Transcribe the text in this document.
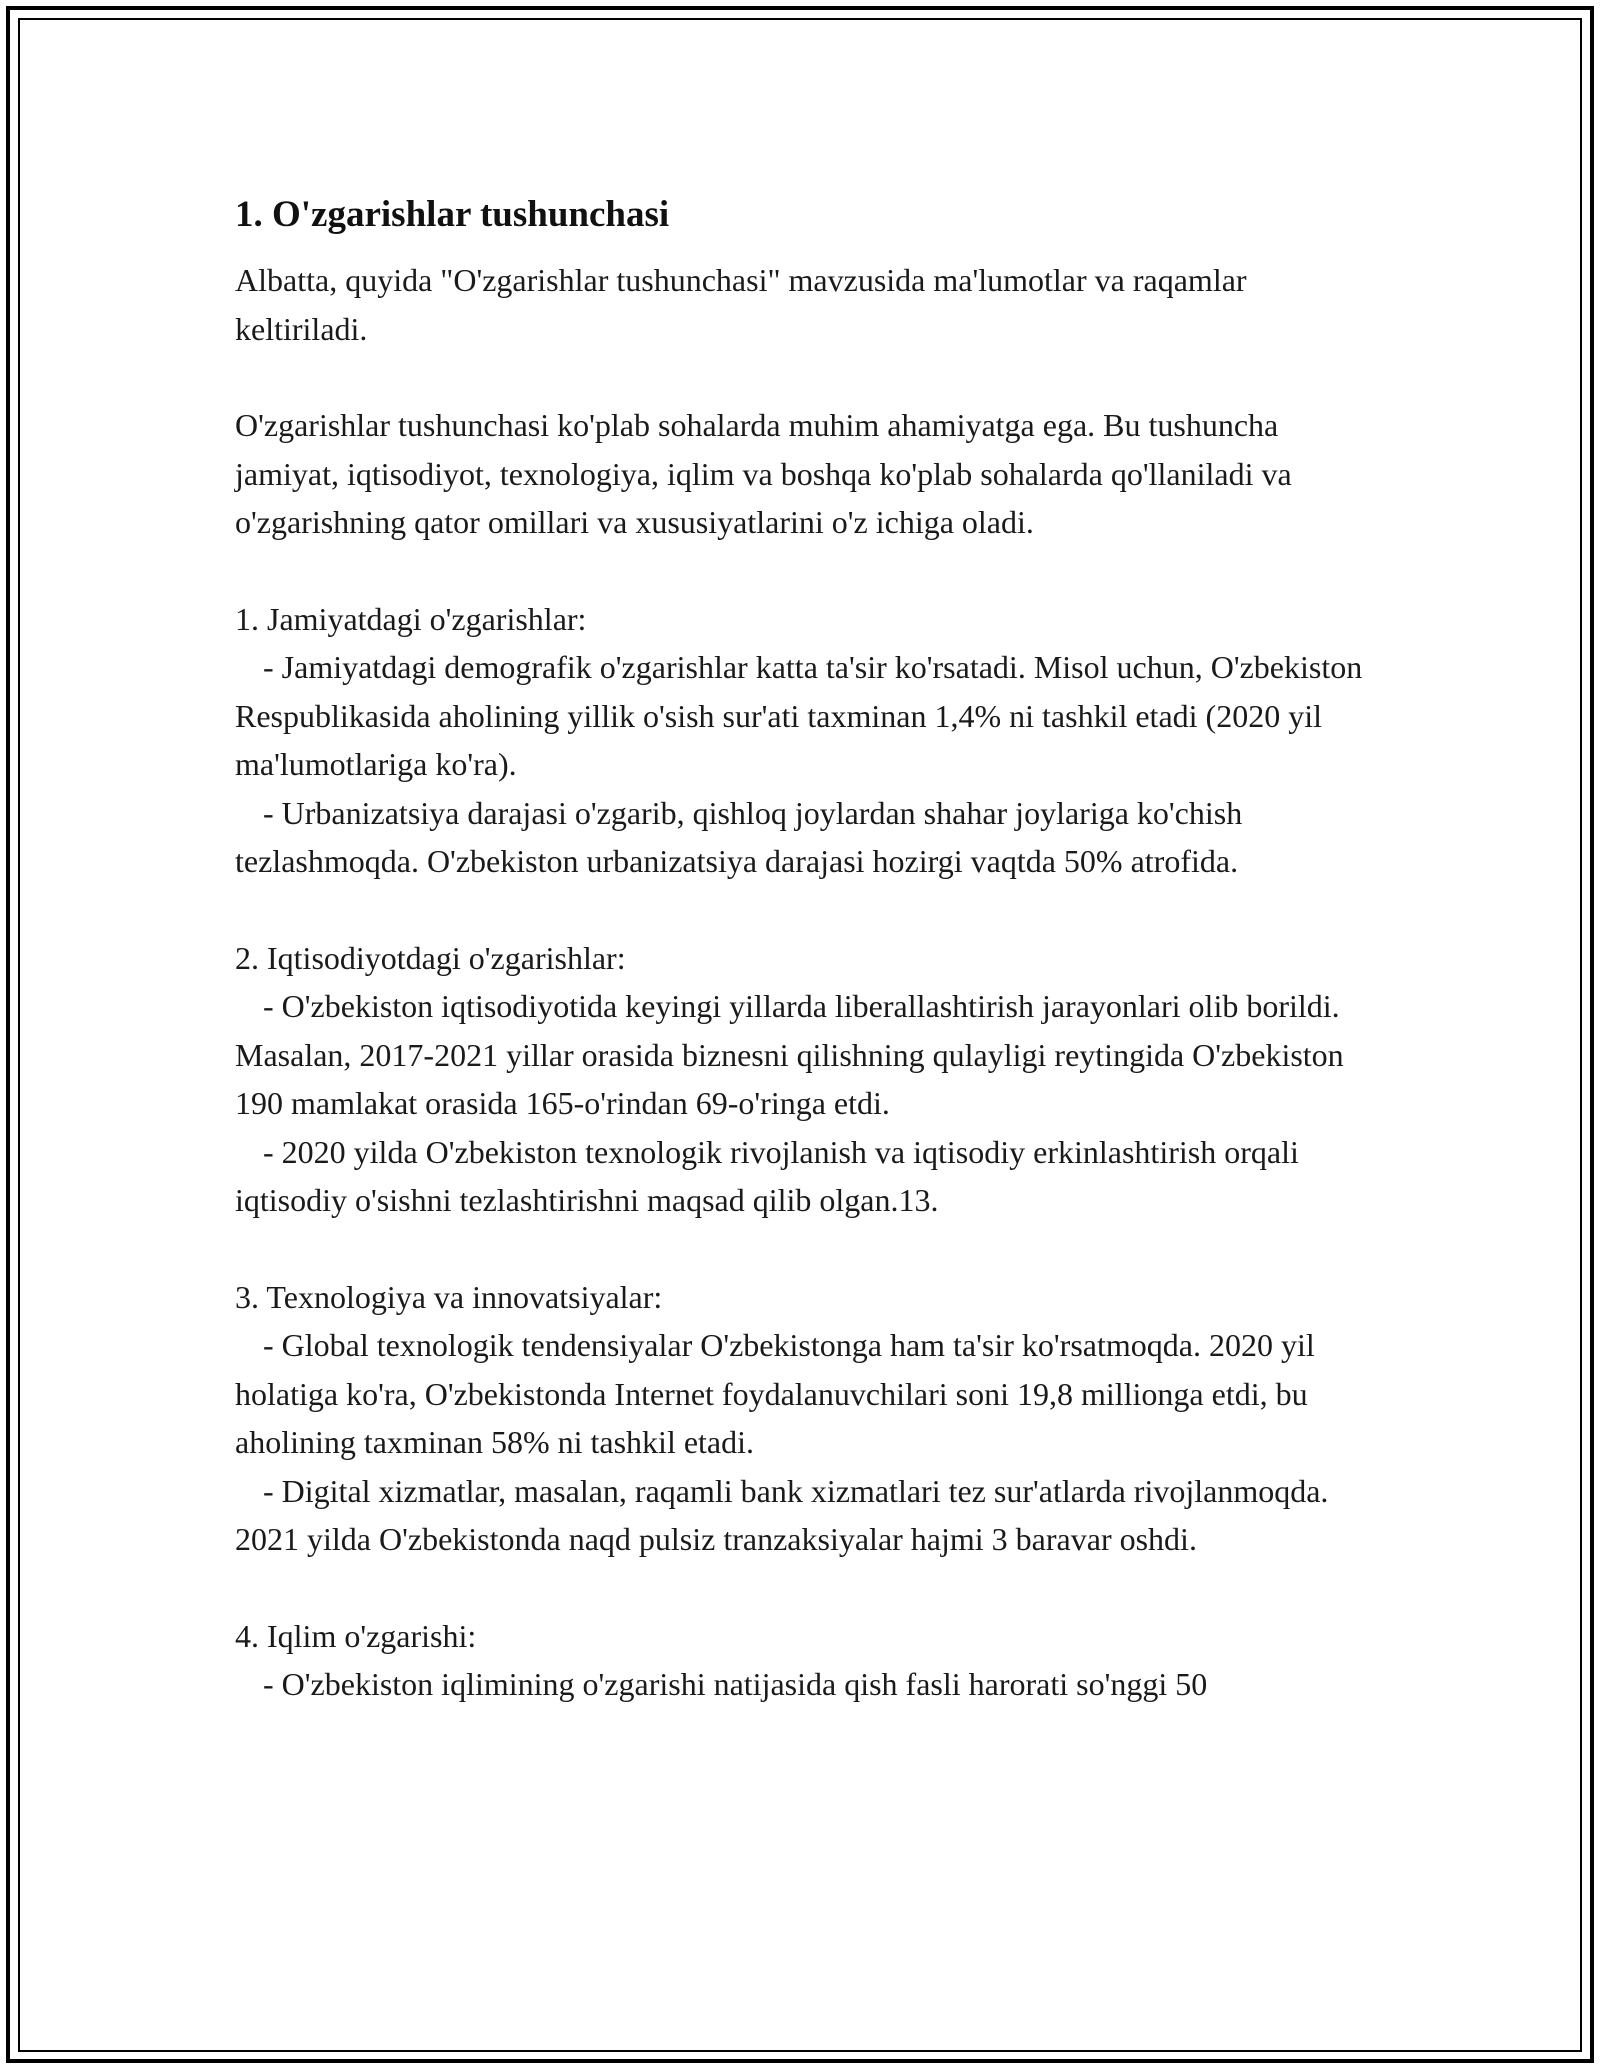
1. O'zgarishlar tushunchasi

Albatta, quyida "O'zgarishlar tushunchasi" mavzusida ma'lumotlar va raqamlar keltiriladi.

O'zgarishlar tushunchasi ko'plab sohalarda muhim ahamiyatga ega. Bu tushuncha jamiyat, iqtisodiyot, texnologiya, iqlim va boshqa ko'plab sohalarda qo'llaniladi va o'zgarishning qator omillari va xususiyatlarini o'z ichiga oladi.

1. Jamiyatdagi o'zgarishlar:

- Jamiyatdagi demografik o'zgarishlar katta ta'sir ko'rsatadi. Misol uchun, O'zbekiston Respublikasida aholining yillik o'sish sur'ati taxminan 1,4% ni tashkil etadi (2020 yil ma'lumotlariga ko'ra).

- Urbanizatsiya darajasi o'zgarib, qishloq joylardan shahar joylariga ko'chish tezlashmoqda. O'zbekiston urbanizatsiya darajasi hozirgi vaqtda 50% atrofida.

2. Iqtisodiyotdagi o'zgarishlar:

- O'zbekiston iqtisodiyotida keyingi yillarda liberallashtirish jarayonlari olib borildi. Masalan, 2017-2021 yillar orasida biznesni qilishning qulayligi reytingida O'zbekiston 190 mamlakat orasida 165-o'rindan 69-o'ringa etdi.

- 2020 yilda O'zbekiston texnologik rivojlanish va iqtisodiy erkinlashtirish orqali iqtisodiy o'sishni tezlashtirishni maqsad qilib olgan.13.

3. Texnologiya va innovatsiyalar:

- Global texnologik tendensiyalar O'zbekistonga ham ta'sir ko'rsatmoqda. 2020 yil holatiga ko'ra, O'zbekistonda Internet foydalanuvchilari soni 19,8 millionga etdi, bu aholining taxminan 58% ni tashkil etadi.

- Digital xizmatlar, masalan, raqamli bank xizmatlari tez sur'atlarda rivojlanmoqda. 2021 yilda O'zbekistonda naqd pulsiz tranzaksiyalar hajmi 3 baravar oshdi.

4. Iqlim o'zgarishi:

- O'zbekiston iqlimining o'zgarishi natijasida qish fasli harorati so'nggi 50
